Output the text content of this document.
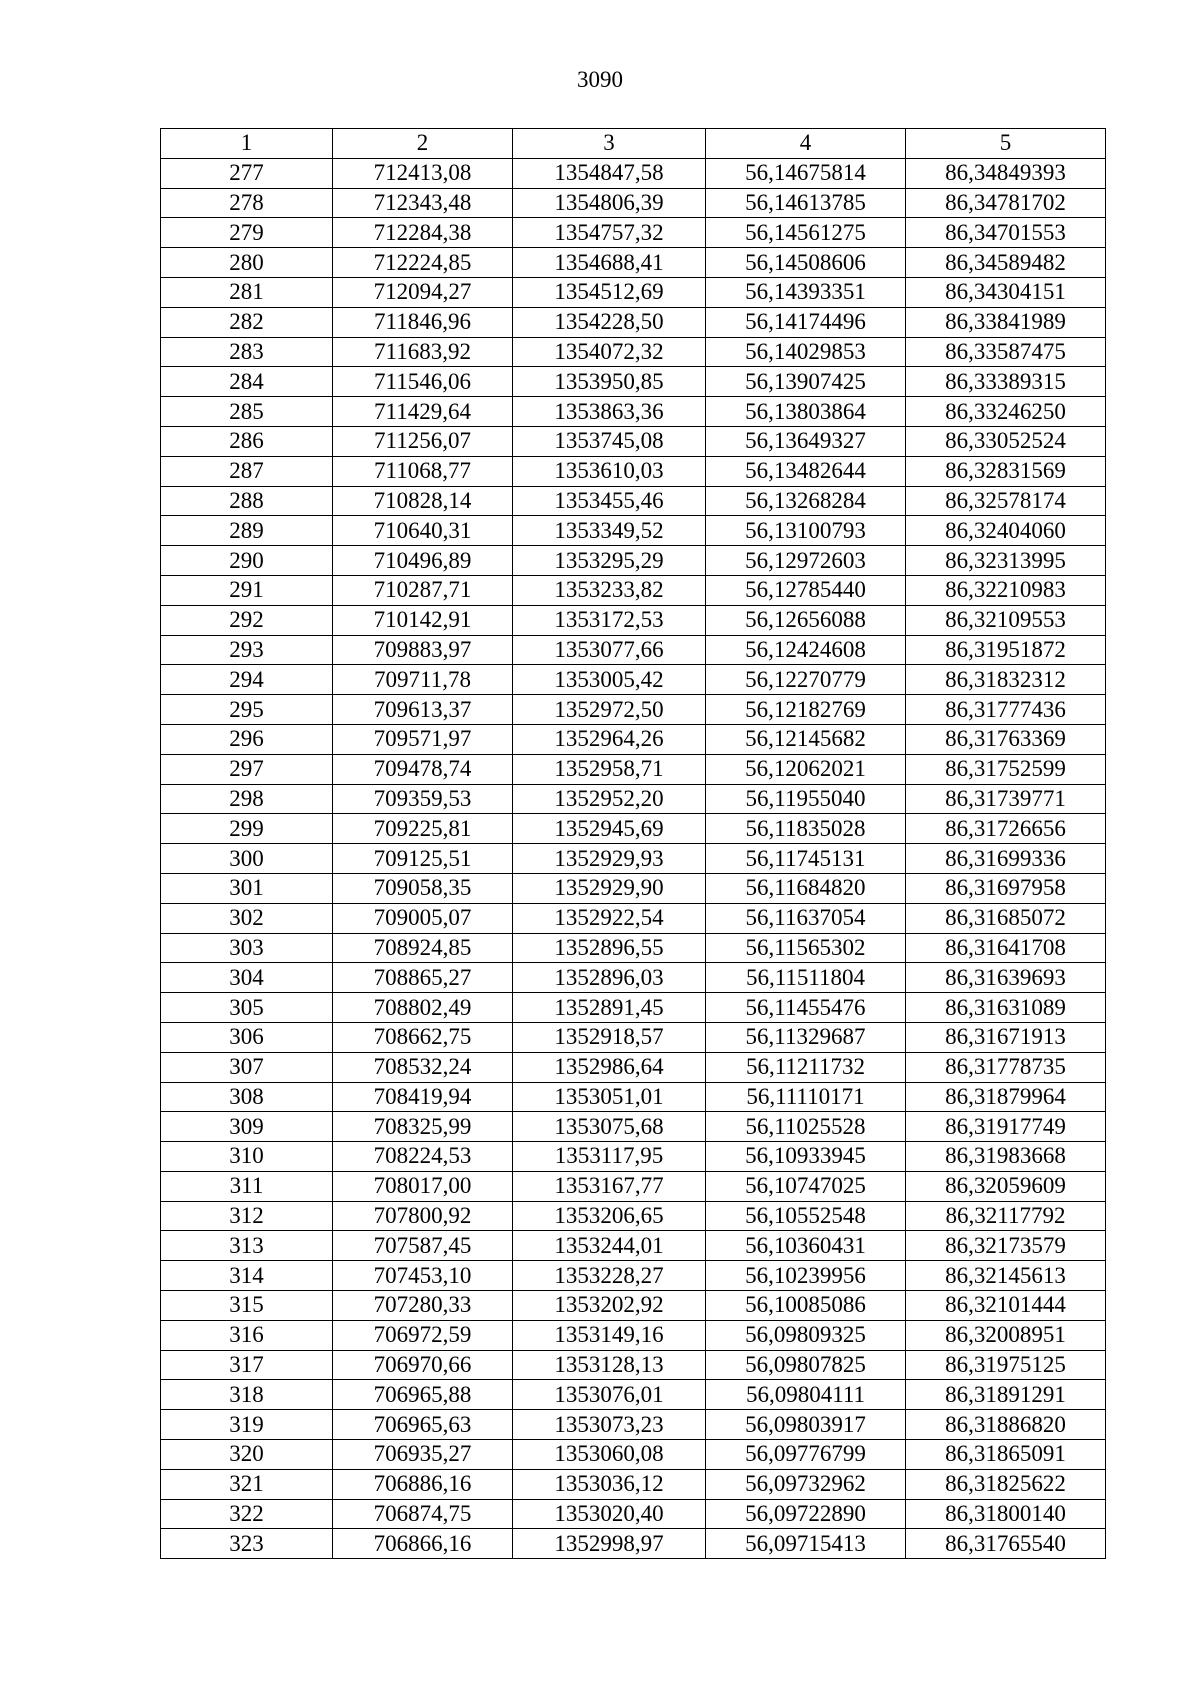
3090
1	2	3	4	5
277	712413,08	1354847,58	56,14675814	86,34849393
278	712343,48	1354806,39	56,14613785	86,34781702
279	712284,38	1354757,32	56,14561275	86,34701553
280	712224,85	1354688,41	56,14508606	86,34589482
281	712094,27	1354512,69	56,14393351	86,34304151
282	711846,96	1354228,50	56,14174496	86,33841989
283	711683,92	1354072,32	56,14029853	86,33587475
284	711546,06	1353950,85	56,13907425	86,33389315
285	711429,64	1353863,36	56,13803864	86,33246250
286	711256,07	1353745,08	56,13649327	86,33052524
287	711068,77	1353610,03	56,13482644	86,32831569
288	710828,14	1353455,46	56,13268284	86,32578174
289	710640,31	1353349,52	56,13100793	86,32404060
290	710496,89	1353295,29	56,12972603	86,32313995
291	710287,71	1353233,82	56,12785440	86,32210983
292	710142,91	1353172,53	56,12656088	86,32109553
293	709883,97	1353077,66	56,12424608	86,31951872
294	709711,78	1353005,42	56,12270779	86,31832312
295	709613,37	1352972,50	56,12182769	86,31777436
296	709571,97	1352964,26	56,12145682	86,31763369
297	709478,74	1352958,71	56,12062021	86,31752599
298	709359,53	1352952,20	56,11955040	86,31739771
299	709225,81	1352945,69	56,11835028	86,31726656
300	709125,51	1352929,93	56,11745131	86,31699336
301	709058,35	1352929,90	56,11684820	86,31697958
302	709005,07	1352922,54	56,11637054	86,31685072
303	708924,85	1352896,55	56,11565302	86,31641708
304	708865,27	1352896,03	56,11511804	86,31639693
305	708802,49	1352891,45	56,11455476	86,31631089
306	708662,75	1352918,57	56,11329687	86,31671913
307	708532,24	1352986,64	56,11211732	86,31778735
308	708419,94	1353051,01	56,11110171	86,31879964
309	708325,99	1353075,68	56,11025528	86,31917749
310	708224,53	1353117,95	56,10933945	86,31983668
311	708017,00	1353167,77	56,10747025	86,32059609
312	707800,92	1353206,65	56,10552548	86,32117792
313	707587,45	1353244,01	56,10360431	86,32173579
314	707453,10	1353228,27	56,10239956	86,32145613
315	707280,33	1353202,92	56,10085086	86,32101444
316	706972,59	1353149,16	56,09809325	86,32008951
317	706970,66	1353128,13	56,09807825	86,31975125
318	706965,88	1353076,01	56,09804111	86,31891291
319	706965,63	1353073,23	56,09803917	86,31886820
320	706935,27	1353060,08	56,09776799	86,31865091
321	706886,16	1353036,12	56,09732962	86,31825622
322	706874,75	1353020,40	56,09722890	86,31800140
323	706866,16	1352998,97	56,09715413	86,31765540
